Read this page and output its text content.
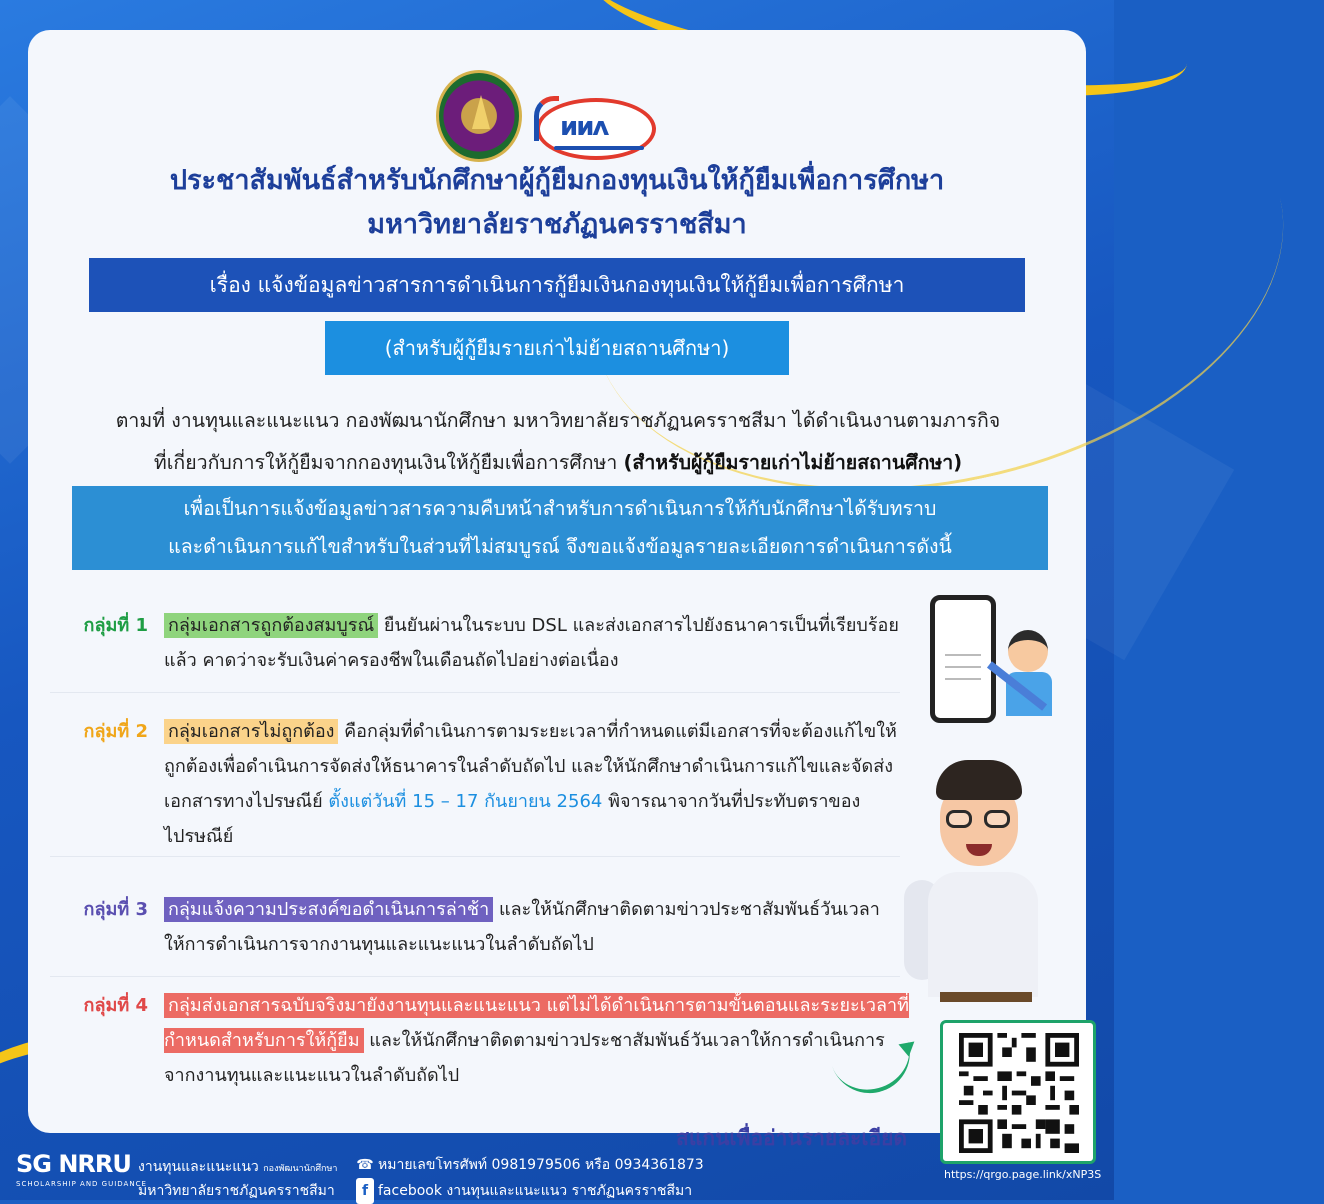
ᴎᴎᴧ
ประชาสัมพันธ์สำหรับนักศึกษาผู้กู้ยืมกองทุนเงินให้กู้ยืมเพื่อการศึกษา
มหาวิทยาลัยราชภัฏนครราชสีมา
เรื่อง แจ้งข้อมูลข่าวสารการดำเนินการกู้ยืมเงินกองทุนเงินให้กู้ยืมเพื่อการศึกษา
(สำหรับผู้กู้ยืมรายเก่าไม่ย้ายสถานศึกษา)
ตามที่ งานทุนและแนะแนว กองพัฒนานักศึกษา มหาวิทยาลัยราชภัฏนครราชสีมา ได้ดำเนินงานตามภารกิจ
ที่เกี่ยวกับการให้กู้ยืมจากกองทุนเงินให้กู้ยืมเพื่อการศึกษา (สำหรับผู้กู้ยืมรายเก่าไม่ย้ายสถานศึกษา)
เพื่อเป็นการแจ้งข้อมูลข่าวสารความคืบหน้าสำหรับการดำเนินการให้กับนักศึกษาได้รับทราบ
และดำเนินการแก้ไขสำหรับในส่วนที่ไม่สมบูรณ์ จึงขอแจ้งข้อมูลรายละเอียดการดำเนินการดังนี้
กลุ่มที่ 1 กลุ่มเอกสารถูกต้องสมบูรณ์ ยืนยันผ่านในระบบ DSL และส่งเอกสารไปยังธนาคารเป็นที่เรียบร้อยแล้ว คาดว่าจะรับเงินค่าครองชีพในเดือนถัดไปอย่างต่อเนื่อง
กลุ่มที่ 2 กลุ่มเอกสารไม่ถูกต้อง คือกลุ่มที่ดำเนินการตามระยะเวลาที่กำหนดแต่มีเอกสารที่จะต้องแก้ไขให้ถูกต้องเพื่อดำเนินการจัดส่งให้ธนาคารในลำดับถัดไป และให้นักศึกษาดำเนินการแก้ไขและจัดส่งเอกสารทางไปรษณีย์ ตั้งแต่วันที่ 15 – 17 กันยายน 2564 พิจารณาจากวันที่ประทับตราของไปรษณีย์
กลุ่มที่ 3 กลุ่มแจ้งความประสงค์ขอดำเนินการล่าช้า และให้นักศึกษาติดตามข่าวประชาสัมพันธ์วันเวลาให้การดำเนินการจากงานทุนและแนะแนวในลำดับถัดไป
กลุ่มที่ 4 กลุ่มส่งเอกสารฉบับจริงมายังงานทุนและแนะแนว แต่ไม่ได้ดำเนินการตามขั้นตอนและระยะเวลาที่กำหนดสำหรับการให้กู้ยืม และให้นักศึกษาติดตามข่าวประชาสัมพันธ์วันเวลาให้การดำเนินการจากงานทุนและแนะแนวในลำดับถัดไป
สแกนเพื่ออ่านรายละเอียด
https://qrgo.page.link/xNP3S
SG NRRU
SCHOLARSHIP AND GUIDANCE
งานทุนและแนะแนว กองพัฒนานักศึกษา
มหาวิทยาลัยราชภัฏนครราชสีมา
☎ หมายเลขโทรศัพท์ 0981979506 หรือ 0934361873
f facebook งานทุนและแนะแนว ราชภัฏนครราชสีมา
